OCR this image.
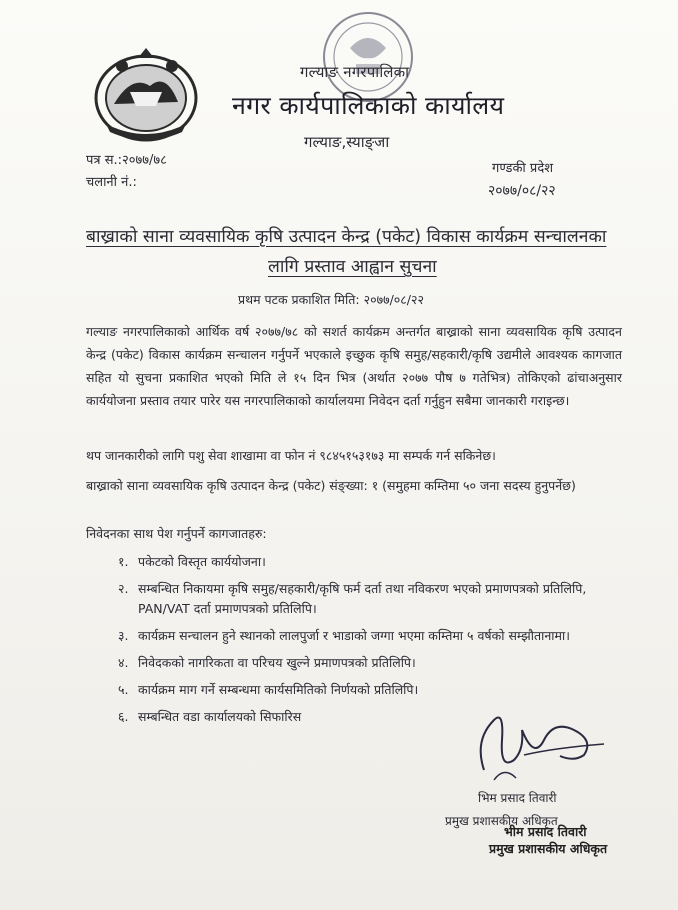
गल्याङ नगरपालिका
नगर कार्यपालिकाको कार्यालय
गल्याङ,स्याङ्जा
पत्र स.:२०७७/७८
चलानी नं.:
गण्डकी प्रदेश
२०७७/०८/२२
बाख्राको साना व्यवसायिक कृषि उत्पादन केन्द्र (पकेट) विकास कार्यक्रम सन्चालनका
लागि प्रस्ताव आह्वान सुचना
प्रथम पटक प्रकाशित मिति: २०७७/०८/२२
गल्याङ नगरपालिकाको आर्थिक वर्ष २०७७/७८ को सशर्त कार्यक्रम अन्तर्गत बाख्राको साना व्यवसायिक कृषि उत्पादन केन्द्र (पकेट) विकास कार्यक्रम सन्चालन गर्नुपर्ने भएकाले इच्छुक कृषि समुह/सहकारी/कृषि उद्यमीले आवश्यक कागजात सहित यो सुचना प्रकाशित भएको मिति ले १५ दिन भित्र (अर्थात २०७७ पौष ७ गतेभित्र) तोकिएको ढांचाअनुसार कार्ययोजना प्रस्ताव तयार पारेर यस नगरपालिकाको कार्यालयमा निवेदन दर्ता गर्नुहुन सबैमा जानकारी गराइन्छ।
थप जानकारीको लागि पशु सेवा शाखामा वा फोन नं ९८४५१५३१७३ मा सम्पर्क गर्न सकिनेछ।
बाख्राको साना व्यवसायिक कृषि उत्पादन केन्द्र (पकेट) संङ्ख्या: १ (समुहमा कम्तिमा ५० जना सदस्य हुनुपर्नेछ)
निवेदनका साथ पेश गर्नुपर्ने कागजातहरु:
१. पकेटको विस्तृत कार्ययोजना।
२. सम्बन्धित निकायमा कृषि समुह/सहकारी/कृषि फर्म दर्ता तथा नविकरण भएको प्रमाणपत्रको प्रतिलिपि, PAN/VAT दर्ता प्रमाणपत्रको प्रतिलिपि।
३. कार्यक्रम सन्चालन हुने स्थानको लालपुर्जा र भाडाको जग्गा भएमा कम्तिमा ५ वर्षको सम्झौतानामा।
४. निवेदकको नागरिकता वा परिचय खुल्ने प्रमाणपत्रको प्रतिलिपि।
५. कार्यक्रम माग गर्ने सम्बन्धमा कार्यसमितिको निर्णयको प्रतिलिपि।
६. सम्बन्धित वडा कार्यालयको सिफारिस
भिम प्रसाद तिवारी
प्रमुख प्रशासकीय अधिकृत
भीम प्रसाद तिवारी
प्रमुख प्रशासकीय अधिकृत
